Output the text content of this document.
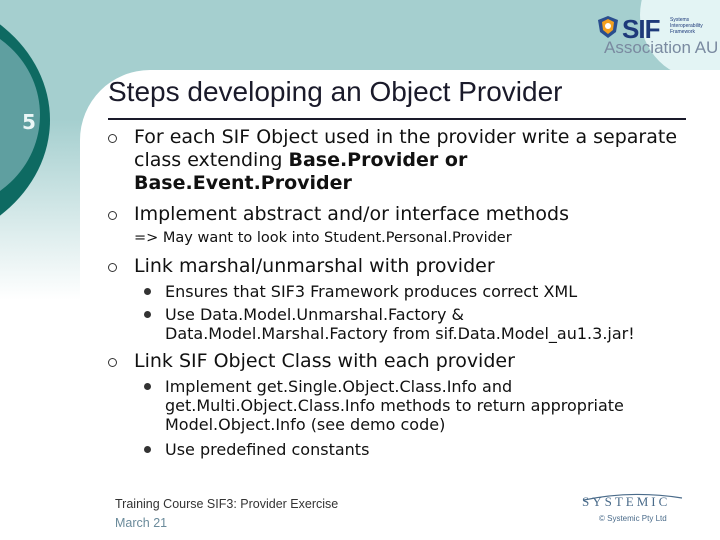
5
SIF Systems Interoperability Framework
Association AU
Steps developing an Object Provider
For each SIF Object used in the provider write a separate class extending Base.Provider or Base.Event.Provider
Implement abstract and/or interface methods
=> May want to look into Student.Personal.Provider
Link marshal/unmarshal with provider
Ensures that SIF3 Framework produces correct XML
Use Data.Model.Unmarshal.Factory & Data.Model.Marshal.Factory from sif.Data.Model_au1.3.jar!
Link SIF Object Class with each provider
Implement get.Single.Object.Class.Info and get.Multi.Object.Class.Info methods to return appropriate Model.Object.Info (see demo code)
Use predefined constants
Training Course SIF3: Provider Exercise
March 21
SYSTEMIC
© Systemic Pty Ltd
